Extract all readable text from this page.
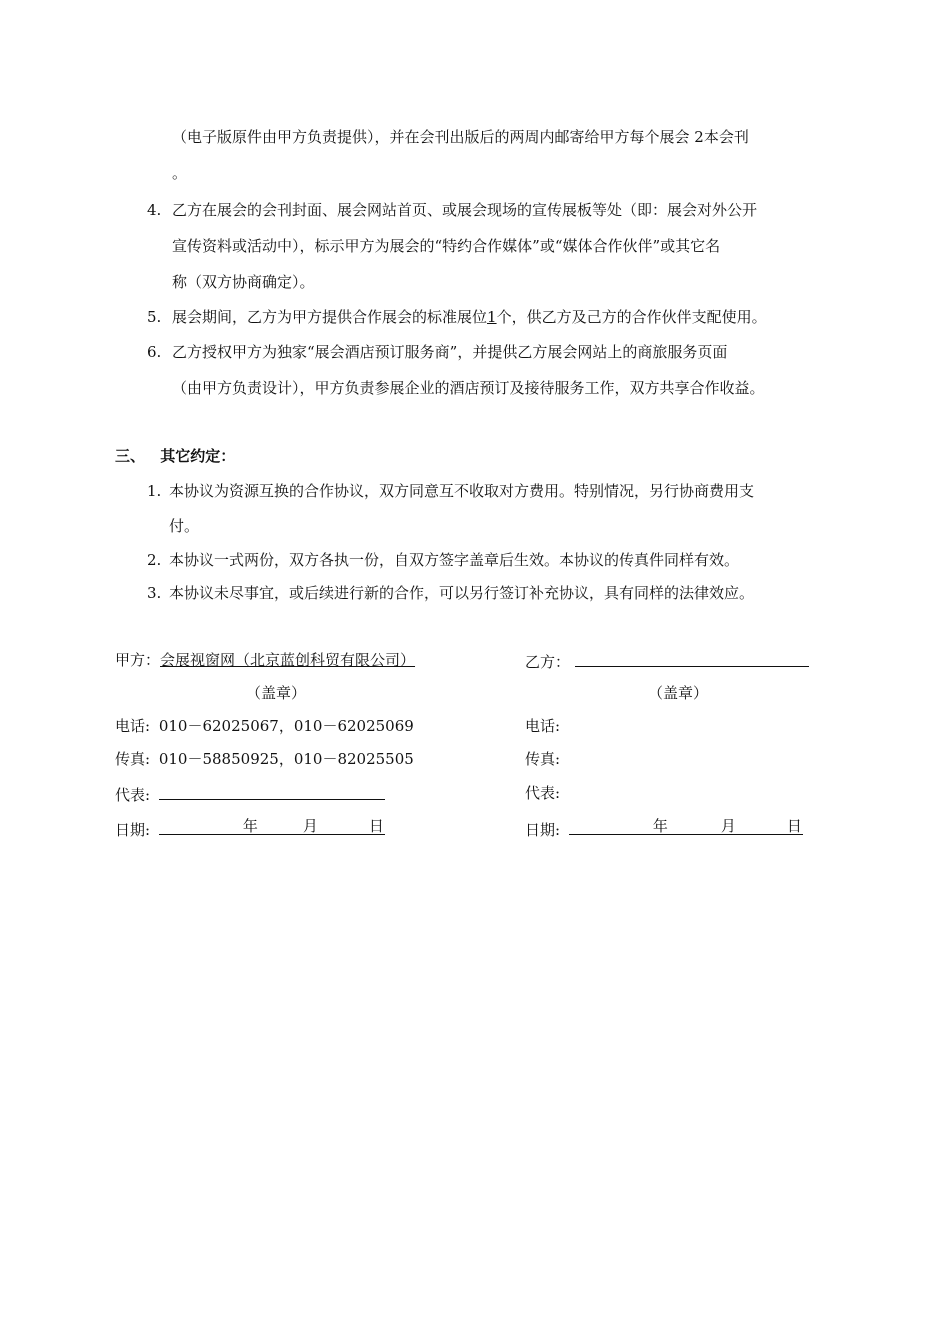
（电子版原件由甲方负责提供），并在会刊出版后的两周内邮寄给甲方每个展会 2本会刊
。
4. 乙方在展会的会刊封面、展会网站首页、或展会现场的宣传展板等处（即：展会对外公开
宣传资料或活动中），标示甲方为展会的“特约合作媒体”或“媒体合作伙伴”或其它名
称（双方协商确定）。
5. 展会期间，乙方为甲方提供合作展会的标准展位1个，供乙方及己方的合作伙伴支配使用。
6. 乙方授权甲方为独家“展会酒店预订服务商”，并提供乙方展会网站上的商旅服务页面
（由甲方负责设计），甲方负责参展企业的酒店预订及接待服务工作，双方共享合作收益。
三、 其它约定：
1. 本协议为资源互换的合作协议，双方同意互不收取对方费用。特别情况，另行协商费用支
付。
2. 本协议一式两份，双方各执一份，自双方签字盖章后生效。本协议的传真件同样有效。
3. 本协议未尽事宜，或后续进行新的合作，可以另行签订补充协议，具有同样的法律效应。
甲方：会展视窗网（北京蓝创科贸有限公司）
（盖章）
电话: 010－62025067，010－62025069
传真: 010－58850925，010－82025505
代表:
日期:	年	月	日
乙方：
（盖章）
电话:
传真:
代表:
日期:	年	月	日
